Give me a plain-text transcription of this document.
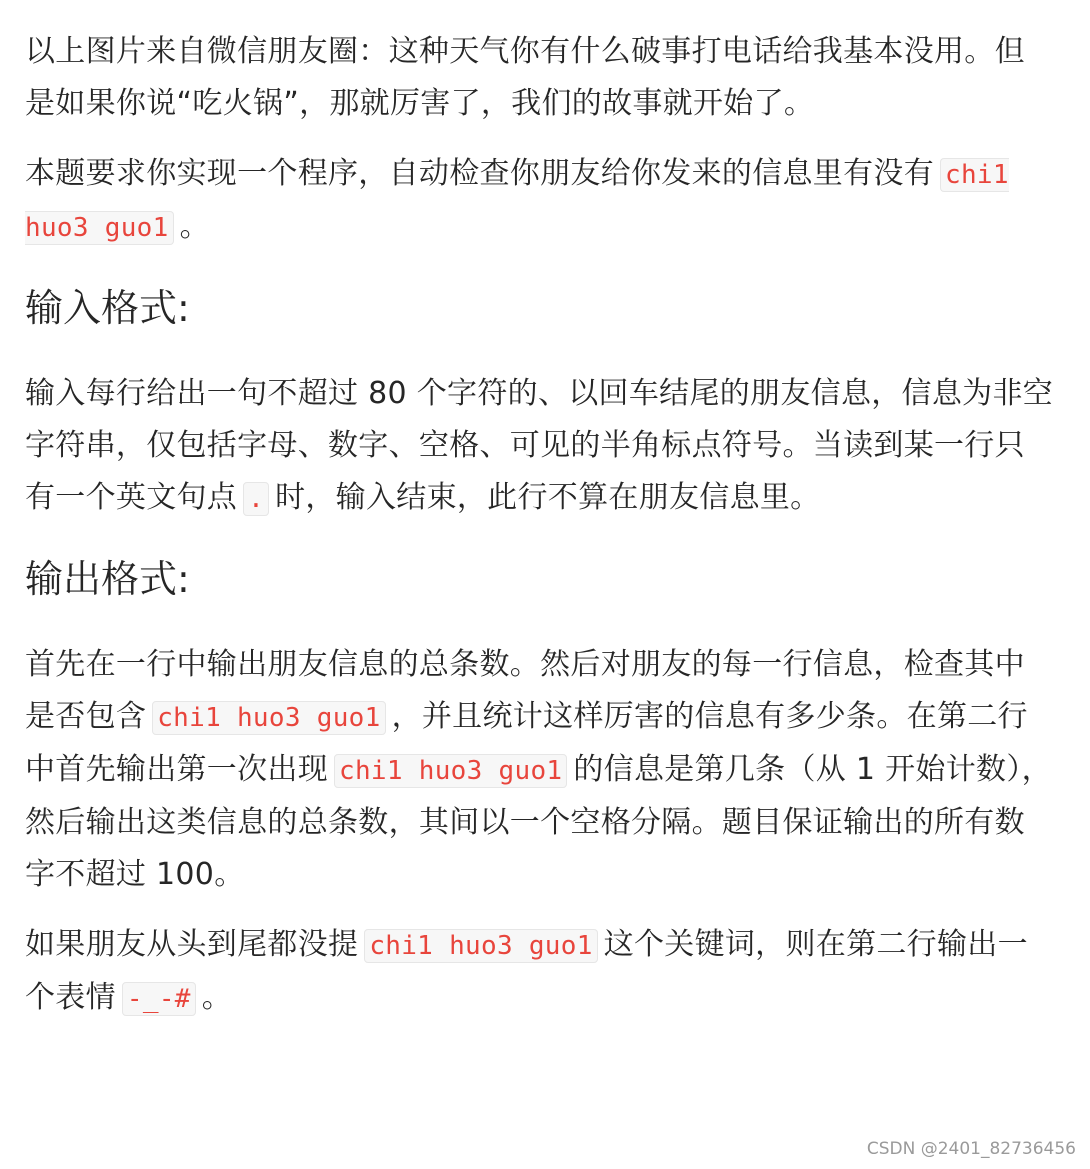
以上图片来自微信朋友圈：这种天气你有什么破事打电话给我基本没用。但是如果你说“吃火锅”，那就厉害了，我们的故事就开始了。

本题要求你实现一个程序，自动检查你朋友给你发来的信息里有没有 chi1 huo3 guo1 。

输入格式:

输入每行给出一句不超过 80 个字符的、以回车结尾的朋友信息，信息为非空字符串，仅包括字母、数字、空格、可见的半角标点符号。当读到某一行只有一个英文句点 . 时，输入结束，此行不算在朋友信息里。

输出格式:

首先在一行中输出朋友信息的总条数。然后对朋友的每一行信息，检查其中是否包含 chi1 huo3 guo1 ，并且统计这样厉害的信息有多少条。在第二行中首先输出第一次出现 chi1 huo3 guo1 的信息是第几条（从 1 开始计数），然后输出这类信息的总条数，其间以一个空格分隔。题目保证输出的所有数字不超过 100。

如果朋友从头到尾都没提 chi1 huo3 guo1 这个关键词，则在第二行输出一个表情 -_-# 。

CSDN @2401_82736456
